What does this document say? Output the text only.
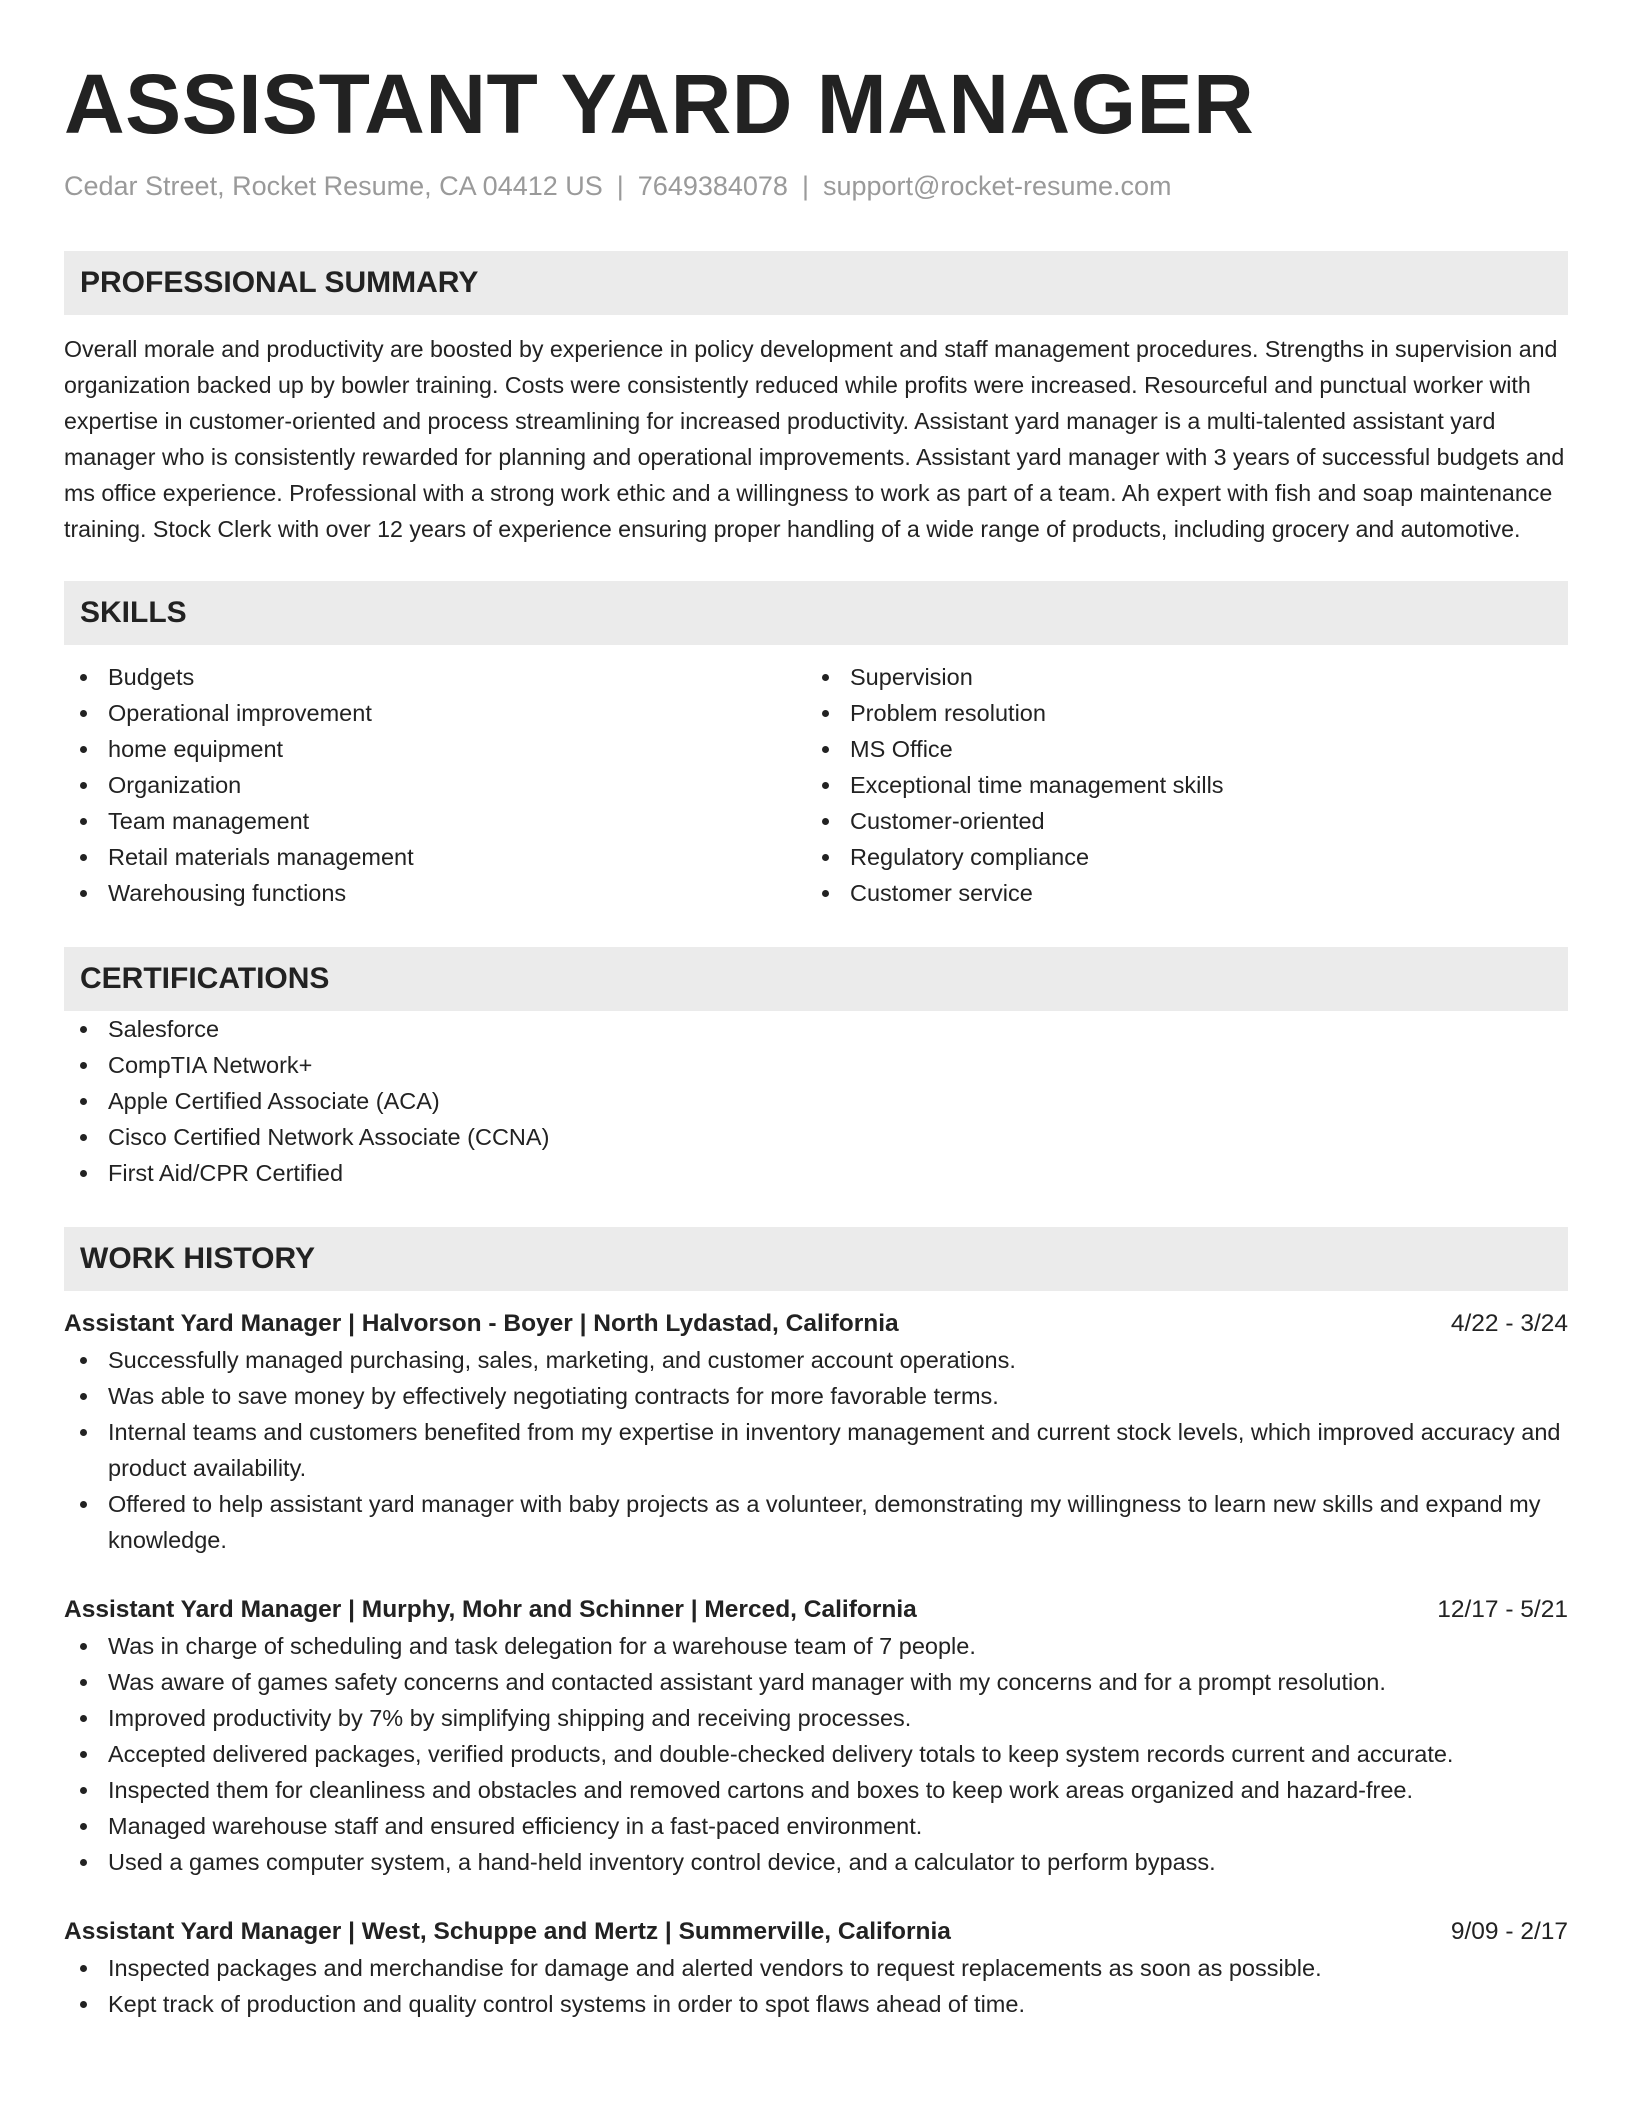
ASSISTANT YARD MANAGER
Cedar Street, Rocket Resume, CA 04412 US | 7649384078 | support@rocket-resume.com
PROFESSIONAL SUMMARY
Overall morale and productivity are boosted by experience in policy development and staff management procedures. Strengths in supervision and organization backed up by bowler training. Costs were consistently reduced while profits were increased. Resourceful and punctual worker with expertise in customer-oriented and process streamlining for increased productivity. Assistant yard manager is a multi-talented assistant yard manager who is consistently rewarded for planning and operational improvements. Assistant yard manager with 3 years of successful budgets and ms office experience. Professional with a strong work ethic and a willingness to work as part of a team. Ah expert with fish and soap maintenance training. Stock Clerk with over 12 years of experience ensuring proper handling of a wide range of products, including grocery and automotive.
SKILLS
Budgets
Operational improvement
home equipment
Organization
Team management
Retail materials management
Warehousing functions
Supervision
Problem resolution
MS Office
Exceptional time management skills
Customer-oriented
Regulatory compliance
Customer service
CERTIFICATIONS
Salesforce
CompTIA Network+
Apple Certified Associate (ACA)
Cisco Certified Network Associate (CCNA)
First Aid/CPR Certified
WORK HISTORY
Assistant Yard Manager | Halvorson - Boyer | North Lydastad, California	4/22 - 3/24
Successfully managed purchasing, sales, marketing, and customer account operations.
Was able to save money by effectively negotiating contracts for more favorable terms.
Internal teams and customers benefited from my expertise in inventory management and current stock levels, which improved accuracy and product availability.
Offered to help assistant yard manager with baby projects as a volunteer, demonstrating my willingness to learn new skills and expand my knowledge.
Assistant Yard Manager | Murphy, Mohr and Schinner | Merced, California	12/17 - 5/21
Was in charge of scheduling and task delegation for a warehouse team of 7 people.
Was aware of games safety concerns and contacted assistant yard manager with my concerns and for a prompt resolution.
Improved productivity by 7% by simplifying shipping and receiving processes.
Accepted delivered packages, verified products, and double-checked delivery totals to keep system records current and accurate.
Inspected them for cleanliness and obstacles and removed cartons and boxes to keep work areas organized and hazard-free.
Managed warehouse staff and ensured efficiency in a fast-paced environment.
Used a games computer system, a hand-held inventory control device, and a calculator to perform bypass.
Assistant Yard Manager | West, Schuppe and Mertz | Summerville, California	9/09 - 2/17
Inspected packages and merchandise for damage and alerted vendors to request replacements as soon as possible.
Kept track of production and quality control systems in order to spot flaws ahead of time.
